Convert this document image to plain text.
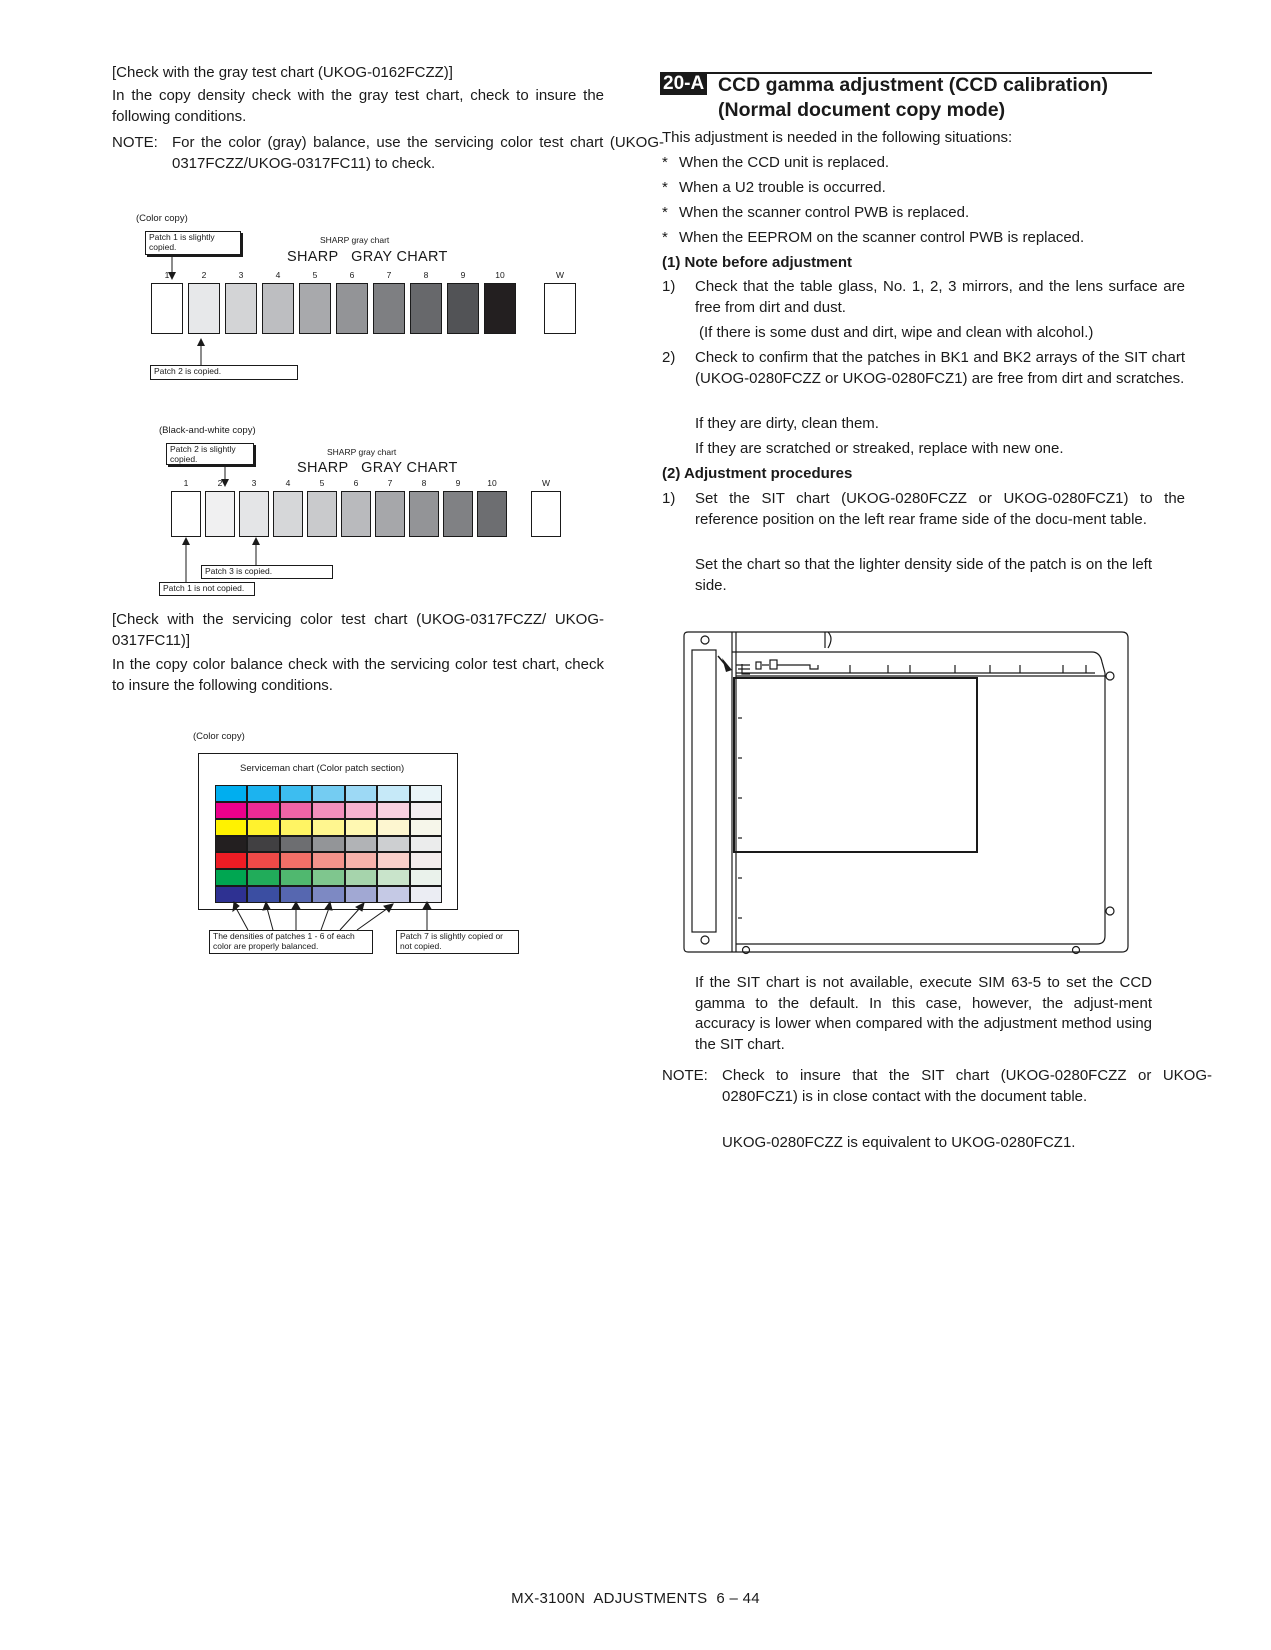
[Check with the gray test chart (UKOG-0162FCZZ)]

In the copy density check with the gray test chart, check to insure the following conditions.

NOTE: For the color (gray) balance, use the servicing color test chart (UKOG-0317FCZZ/UKOG-0317FC11) to check.

(Color copy)
Patch 1 is slightly copied.
SHARP gray chart
SHARP   GRAY CHART
1	2	3	4	5	6	7	8	9	10	W
Patch 2 is copied.
(Black-and-white copy)
Patch 2 is slightly copied.
SHARP gray chart
SHARP   GRAY CHART
1	2	3	4	5	6	7	8	9	10	W
Patch 3 is copied.
Patch 1 is not copied.

[Check with the servicing color test chart (UKOG-0317FCZZ/ UKOG-0317FC11)]

In the copy color balance check with the servicing color test chart, check to insure the following conditions.

(Color copy)
Serviceman chart (Color patch section)
The densities of patches 1 - 6 of each color are properly balanced.
Patch 7 is slightly copied or not copied.
20-A CCD gamma adjustment (CCD calibration)
(Normal document copy mode)

This adjustment is needed in the following situations:

* When the CCD unit is replaced.

* When a U2 trouble is occurred.

* When the scanner control PWB is replaced.

* When the EEPROM on the scanner control PWB is replaced.

(1) Note before adjustment

1) Check that the table glass, No. 1, 2, 3 mirrors, and the lens surface are free from dirt and dust.

(If there is some dust and dirt, wipe and clean with alcohol.)

2) Check to confirm that the patches in BK1 and BK2 arrays of the SIT chart (UKOG-0280FCZZ or UKOG-0280FCZ1) are free from dirt and scratches.

If they are dirty, clean them.

If they are scratched or streaked, replace with new one.

(2) Adjustment procedures

1) Set the SIT chart (UKOG-0280FCZZ or UKOG-0280FCZ1) to the reference position on the left rear frame side of the docu-ment table.

Set the chart so that the lighter density side of the patch is on the left side.

If the SIT chart is not available, execute SIM 63-5 to set the CCD gamma to the default. In this case, however, the adjust-ment accuracy is lower when compared with the adjustment method using the SIT chart.

NOTE: Check to insure that the SIT chart (UKOG-0280FCZZ or UKOG-0280FCZ1) is in close contact with the document table.

UKOG-0280FCZZ is equivalent to UKOG-0280FCZ1.

MX-3100N  ADJUSTMENTS  6 – 44
